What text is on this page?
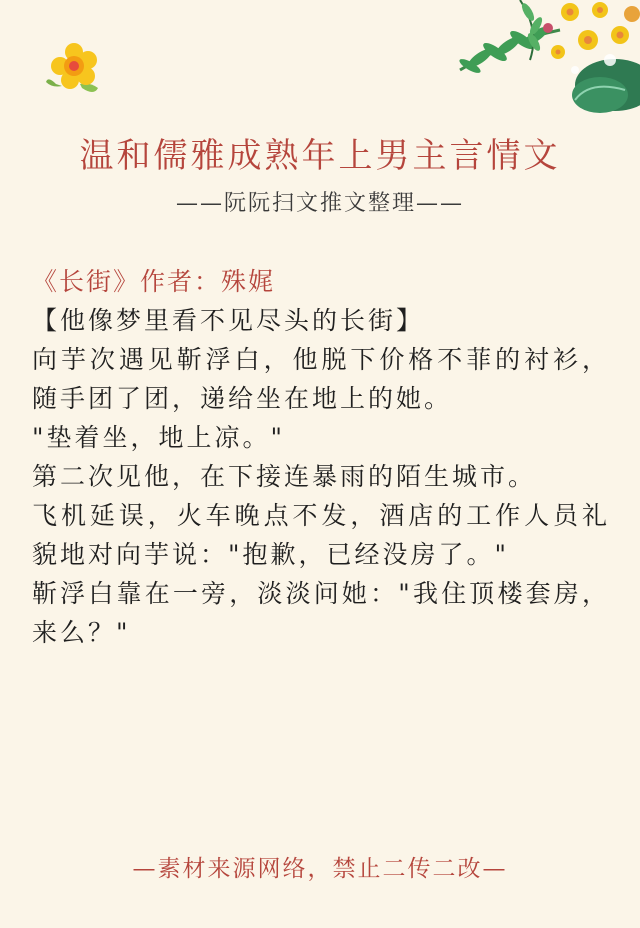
温和儒雅成熟年上男主言情文
——阮阮扫文推文整理——

《长街》作者：殊娓

【他像梦里看不见尽头的长街】

向芋次遇见靳浮白，他脱下价格不菲的衬衫，随手团了团，递给坐在地上的她。

"垫着坐，地上凉。"

第二次见他，在下接连暴雨的陌生城市。

飞机延误，火车晚点不发，酒店的工作人员礼貌地对向芋说："抱歉，已经没房了。"

靳浮白靠在一旁，淡淡问她："我住顶楼套房，来么？"

—素材来源网络，禁止二传二改—
